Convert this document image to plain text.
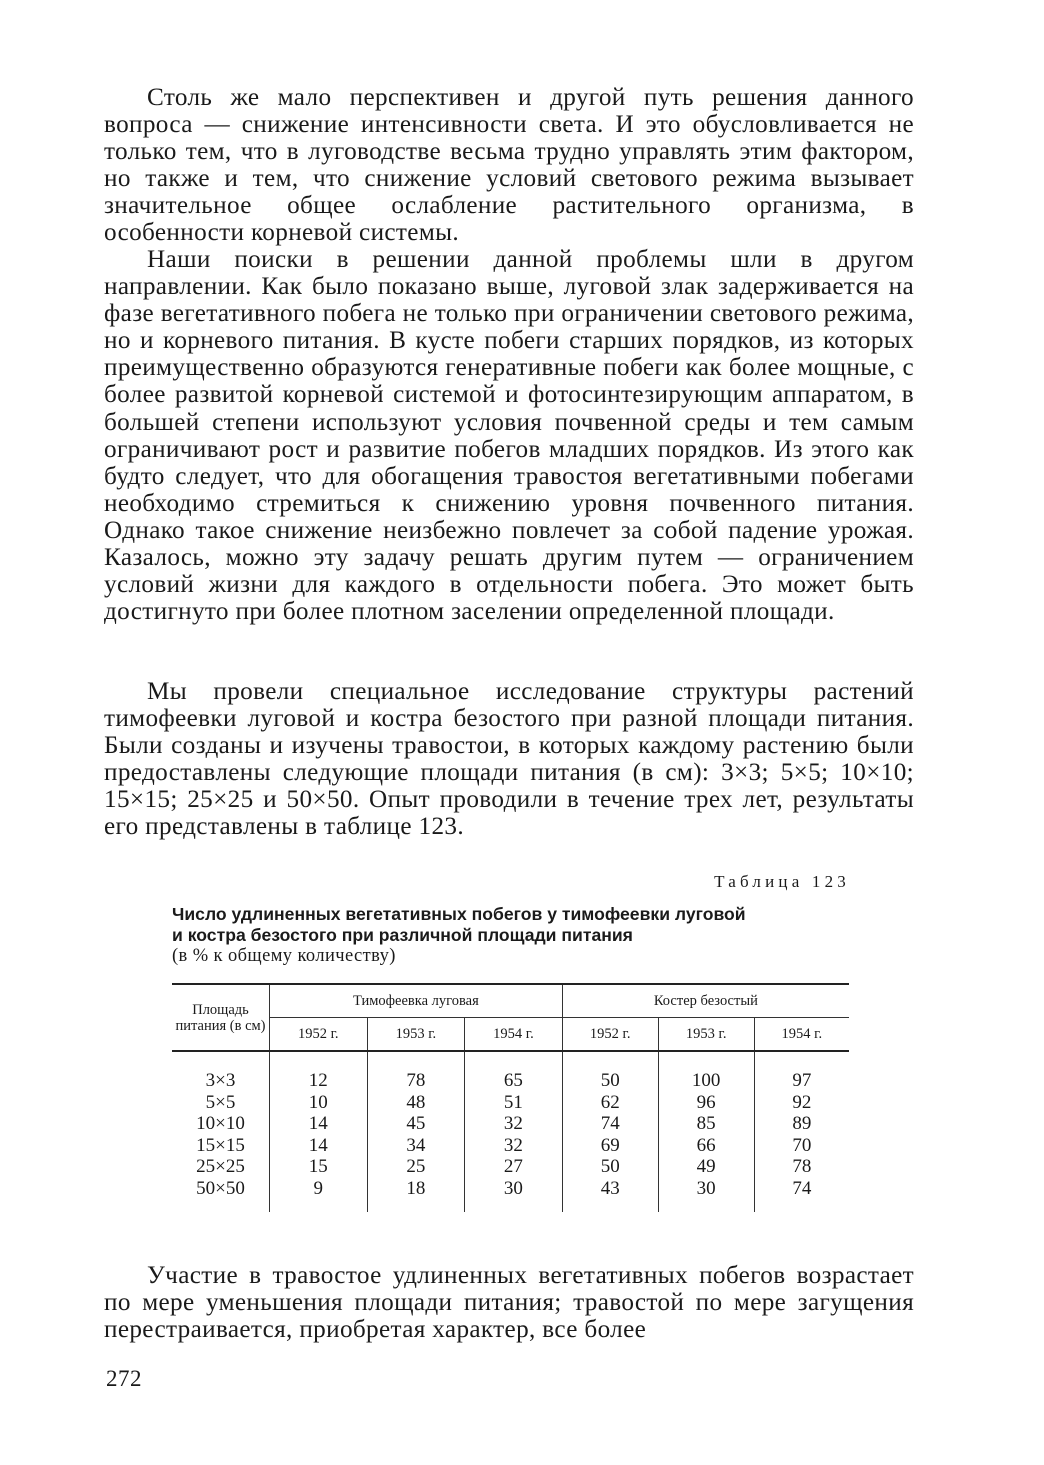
Столь же мало перспективен и другой путь решения данного вопроса — снижение интенсивности света. И это обусловливается не только тем, что в луговодстве весьма трудно управлять этим фактором, но также и тем, что снижение условий светового режима вызывает значительное общее ослабление растительного организма, в особенности корневой системы.

Наши поиски в решении данной проблемы шли в другом направлении. Как было показано выше, луговой злак задерживается на фазе вегетативного побега не только при ограничении светового режима, но и корневого питания. В кусте побеги старших порядков, из которых преимущественно образуются генеративные побеги как более мощные, с более развитой корневой системой и фотосинтезирующим аппаратом, в большей степени используют условия почвенной среды и тем самым ограничивают рост и развитие побегов младших порядков. Из этого как будто следует, что для обогащения травостоя вегетативными побегами необходимо стремиться к снижению уровня почвенного питания. Однако такое снижение неизбежно повлечет за собой падение урожая. Казалось, можно эту задачу решать другим путем — ограничением условий жизни для каждого в отдельности побега. Это может быть достигнуто при более плотном заселении определенной площади.

Мы провели специальное исследование структуры растений тимофеевки луговой и костра безостого при разной площади питания. Были созданы и изучены травостои, в которых каждому растению были предоставлены следующие площади питания (в см): 3×3; 5×5; 10×10; 15×15; 25×25 и 50×50. Опыт проводили в течение трех лет, результаты его представлены в таблице 123.

Таблица 123
Число удлиненных вегетативных побегов у тимофеевки луговой
и костра безостого при различной площади питания
(в % к общему количеству)
Площадь питания (в см)	Тимофеевка луговая			Костер безостый		
	1952 г.	1953 г.	1954 г.	1952 г.	1953 г.	1954 г.

3×3	12	78	65	50	100	97
5×5	10	48	51	62	96	92
10×10	14	45	32	74	85	89
15×15	14	34	32	69	66	70
25×25	15	25	27	50	49	78
50×50	9	18	30	43	30	74

Участие в травостое удлиненных вегетативных побегов возрастает по мере уменьшения площади питания; травостой по мере загущения перестраивается, приобретая характер, все более

272
